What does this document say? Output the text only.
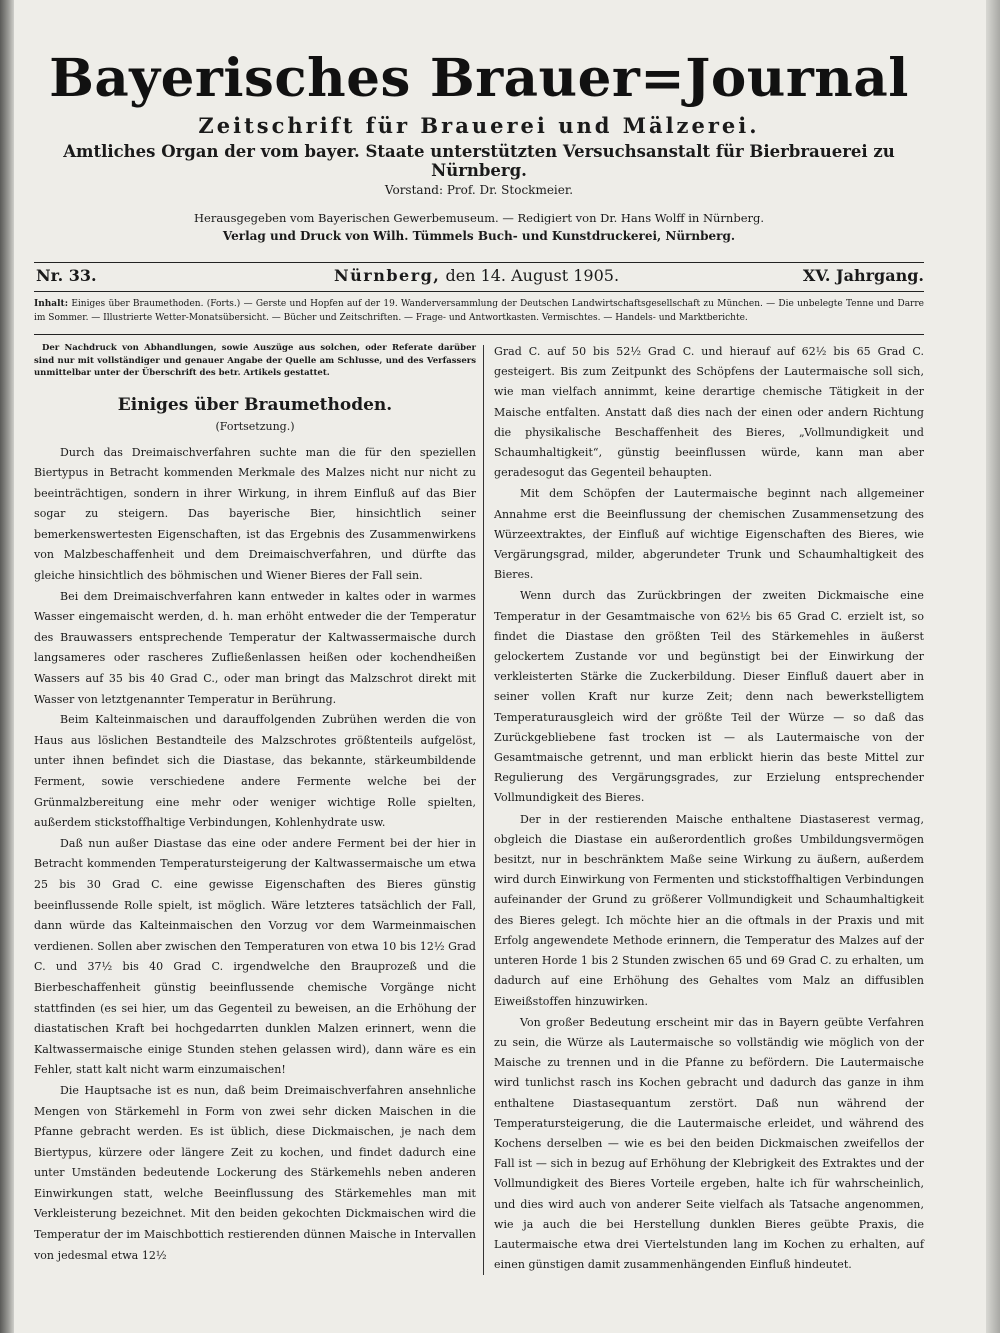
Bayerisches Brauer=Journal
Zeitschrift für Brauerei und Mälzerei.
Amtliches Organ der vom bayer. Staate unterstützten Versuchsanstalt für Bierbrauerei zu Nürnberg.
Vorstand: Prof. Dr. Stockmeier.
Herausgegeben vom Bayerischen Gewerbemuseum. — Redigiert von Dr. Hans Wolff in Nürnberg.
Verlag und Druck von Wilh. Tümmels Buch- und Kunstdruckerei, Nürnberg.
Nr. 33.	Nürnberg, den 14. August 1905.	XV. Jahrgang.
Inhalt: Einiges über Braumethoden. (Forts.) — Gerste und Hopfen auf der 19. Wanderversammlung der Deutschen Landwirtschaftsgesellschaft zu München. — Die unbelegte Tenne und Darre im Sommer. — Illustrierte Wetter-Monatsübersicht. — Bücher und Zeitschriften. — Frage- und Antwortkasten. Vermischtes. — Handels- und Marktberichte.

Der Nachdruck von Abhandlungen, sowie Auszüge aus solchen, oder Referate darüber sind nur mit vollständiger und genauer Angabe der Quelle am Schlusse, und des Verfassers unmittelbar unter der Überschrift des betr. Artikels gestattet.

Einiges über Braumethoden.
(Fortsetzung.)

Durch das Dreimaischverfahren suchte man die für den speziellen Biertypus in Betracht kommenden Merkmale des Malzes nicht nur nicht zu beeinträchtigen, sondern in ihrer Wirkung, in ihrem Einfluß auf das Bier sogar zu steigern. Das bayerische Bier, hinsichtlich seiner bemerkenswertesten Eigenschaften, ist das Ergebnis des Zusammenwirkens von Malzbeschaffenheit und dem Dreimaischverfahren, und dürfte das gleiche hinsichtlich des böhmischen und Wiener Bieres der Fall sein.

Bei dem Dreimaischverfahren kann entweder in kaltes oder in warmes Wasser eingemaischt werden, d. h. man erhöht entweder die der Temperatur des Brauwassers entsprechende Temperatur der Kaltwassermaische durch langsameres oder rascheres Zufließenlassen heißen oder kochendheißen Wassers auf 35 bis 40 Grad C., oder man bringt das Malzschrot direkt mit Wasser von letztgenannter Temperatur in Berührung.

Beim Kalteinmaischen und darauffolgenden Zubrühen werden die von Haus aus löslichen Bestandteile des Malzschrotes größtenteils aufgelöst, unter ihnen befindet sich die Diastase, das bekannte, stärkeumbildende Ferment, sowie verschiedene andere Fermente welche bei der Grünmalzbereitung eine mehr oder weniger wichtige Rolle spielten, außerdem stickstoffhaltige Verbindungen, Kohlenhydrate usw.

Daß nun außer Diastase das eine oder andere Ferment bei der hier in Betracht kommenden Temperatursteigerung der Kaltwassermaische um etwa 25 bis 30 Grad C. eine gewisse Eigenschaften des Bieres günstig beeinflussende Rolle spielt, ist möglich. Wäre letzteres tatsächlich der Fall, dann würde das Kalteinmaischen den Vorzug vor dem Warmeinmaischen verdienen. Sollen aber zwischen den Temperaturen von etwa 10 bis 12½ Grad C. und 37½ bis 40 Grad C. irgendwelche den Brauprozeß und die Bierbeschaffenheit günstig beeinflussende chemische Vorgänge nicht stattfinden (es sei hier, um das Gegenteil zu beweisen, an die Erhöhung der diastatischen Kraft bei hochgedarrten dunklen Malzen erinnert, wenn die Kaltwassermaische einige Stunden stehen gelassen wird), dann wäre es ein Fehler, statt kalt nicht warm einzumaischen!

Die Hauptsache ist es nun, daß beim Dreimaischverfahren ansehnliche Mengen von Stärkemehl in Form von zwei sehr dicken Maischen in die Pfanne gebracht werden. Es ist üblich, diese Dickmaischen, je nach dem Biertypus, kürzere oder längere Zeit zu kochen, und findet dadurch eine unter Umständen bedeutende Lockerung des Stärkemehls neben anderen Einwirkungen statt, welche Beeinflussung des Stärkemehles man mit Verkleisterung bezeichnet. Mit den beiden gekochten Dickmaischen wird die Temperatur der im Maischbottich restierenden dünnen Maische in Intervallen von jedesmal etwa 12½

Grad C. auf 50 bis 52½ Grad C. und hierauf auf 62½ bis 65 Grad C. gesteigert. Bis zum Zeitpunkt des Schöpfens der Lautermaische soll sich, wie man vielfach annimmt, keine derartige chemische Tätigkeit in der Maische entfalten. Anstatt daß dies nach der einen oder andern Richtung die physikalische Beschaffenheit des Bieres, „Vollmundigkeit und Schaumhaltigkeit“, günstig beeinflussen würde, kann man aber geradesogut das Gegenteil behaupten.

Mit dem Schöpfen der Lautermaische beginnt nach allgemeiner Annahme erst die Beeinflussung der chemischen Zusammensetzung des Würzeextraktes, der Einfluß auf wichtige Eigenschaften des Bieres, wie Vergärungsgrad, milder, abgerundeter Trunk und Schaumhaltigkeit des Bieres.

Wenn durch das Zurückbringen der zweiten Dickmaische eine Temperatur in der Gesamtmaische von 62½ bis 65 Grad C. erzielt ist, so findet die Diastase den größten Teil des Stärkemehles in äußerst gelockertem Zustande vor und begünstigt bei der Einwirkung der verkleisterten Stärke die Zuckerbildung. Dieser Einfluß dauert aber in seiner vollen Kraft nur kurze Zeit; denn nach bewerkstelligtem Temperaturausgleich wird der größte Teil der Würze — so daß das Zurückgebliebene fast trocken ist — als Lautermaische von der Gesamtmaische getrennt, und man erblickt hierin das beste Mittel zur Regulierung des Vergärungsgrades, zur Erzielung entsprechender Vollmundigkeit des Bieres.

Der in der restierenden Maische enthaltene Diastaserest vermag, obgleich die Diastase ein außerordentlich großes Umbildungsvermögen besitzt, nur in beschränktem Maße seine Wirkung zu äußern, außerdem wird durch Einwirkung von Fermenten und stickstoffhaltigen Verbindungen aufeinander der Grund zu größerer Vollmundigkeit und Schaumhaltigkeit des Bieres gelegt. Ich möchte hier an die oftmals in der Praxis und mit Erfolg angewendete Methode erinnern, die Temperatur des Malzes auf der unteren Horde 1 bis 2 Stunden zwischen 65 und 69 Grad C. zu erhalten, um dadurch auf eine Erhöhung des Gehaltes vom Malz an diffusiblen Eiweißstoffen hinzuwirken.

Von großer Bedeutung erscheint mir das in Bayern geübte Verfahren zu sein, die Würze als Lautermaische so vollständig wie möglich von der Maische zu trennen und in die Pfanne zu befördern. Die Lautermaische wird tunlichst rasch ins Kochen gebracht und dadurch das ganze in ihm enthaltene Diastasequantum zerstört. Daß nun während der Temperatursteigerung, die die Lautermaische erleidet, und während des Kochens derselben — wie es bei den beiden Dickmaischen zweifellos der Fall ist — sich in bezug auf Erhöhung der Klebrigkeit des Extraktes und der Vollmundigkeit des Bieres Vorteile ergeben, halte ich für wahrscheinlich, und dies wird auch von anderer Seite vielfach als Tatsache angenommen, wie ja auch die bei Herstellung dunklen Bieres geübte Praxis, die Lautermaische etwa drei Viertelstunden lang im Kochen zu erhalten, auf einen günstigen damit zusammenhängenden Einfluß hindeutet.
